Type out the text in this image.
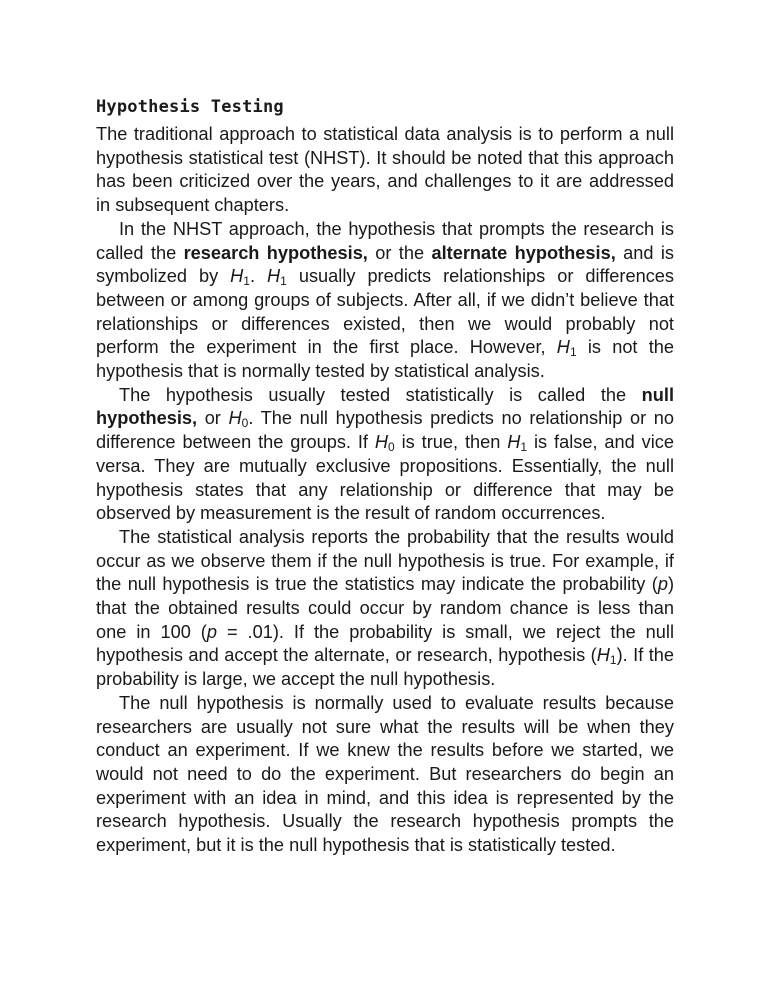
Hypothesis Testing

The traditional approach to statistical data analysis is to perform a null hypothesis statistical test (NHST). It should be noted that this approach has been criticized over the years, and challenges to it are addressed in subsequent chapters.

In the NHST approach, the hypothesis that prompts the research is called the research hypothesis, or the alternate hypothesis, and is symbolized by $H_1$. $H_1$ usually predicts relationships or differences between or among groups of subjects. After all, if we didn’t believe that relationships or differences existed, then we would probably not perform the experiment in the first place. However, $H_1$ is not the hypothesis that is normally tested by statistical analysis.

The hypothesis usually tested statistically is called the null hypothesis, or $H_0$. The null hypothesis predicts no relationship or no difference between the groups. If $H_0$ is true, then $H_1$ is false, and vice versa. They are mutually exclusive propositions. Essentially, the null hypothesis states that any relationship or difference that may be observed by measurement is the result of random occurrences.

The statistical analysis reports the probability that the results would occur as we observe them if the null hypothesis is true. For example, if the null hypothesis is true the statistics may indicate the probability (p) that the obtained results could occur by random chance is less than one in 100 (p = .01). If the probability is small, we reject the null hypothesis and accept the alternate, or research, hypothesis $(H_1)$. If the probability is large, we accept the null hypothesis.

The null hypothesis is normally used to evaluate results because researchers are usually not sure what the results will be when they conduct an experiment. If we knew the results before we started, we would not need to do the experiment. But researchers do begin an experiment with an idea in mind, and this idea is represented by the research hypothesis. Usually the research hypothesis prompts the experiment, but it is the null hypothesis that is statistically tested.
